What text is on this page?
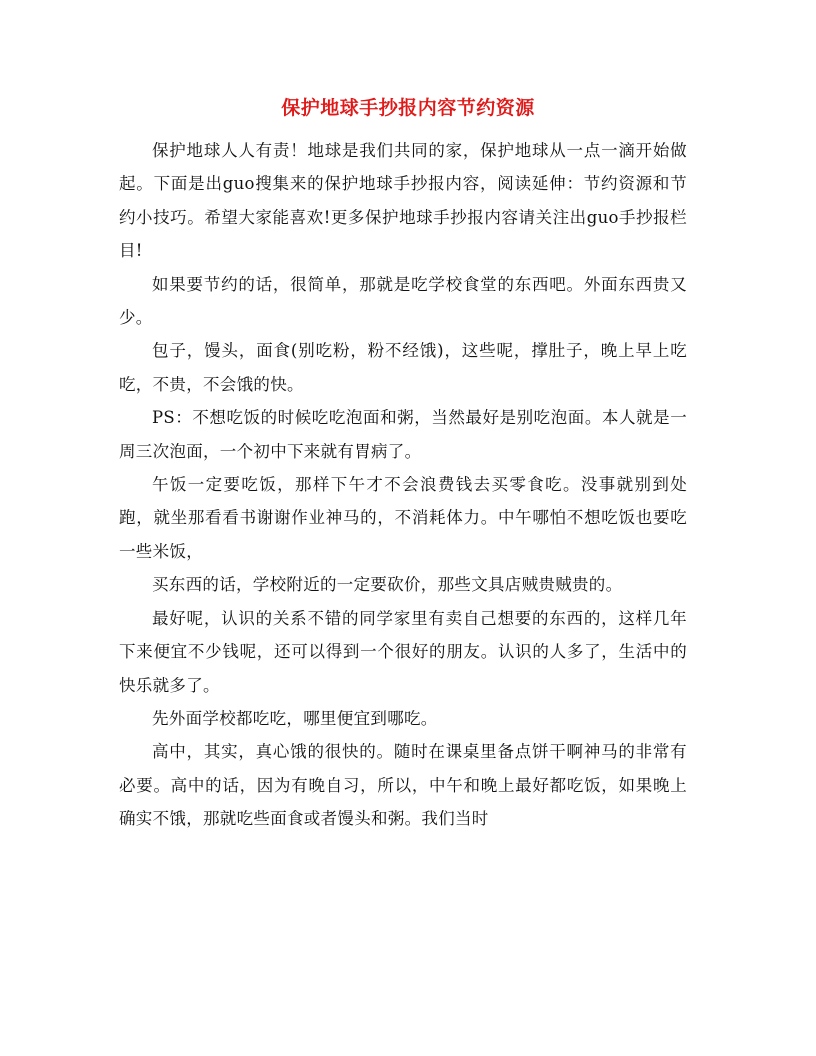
保护地球手抄报内容节约资源

保护地球人人有责！地球是我们共同的家，保护地球从一点一滴开始做起。下面是出guo搜集来的保护地球手抄报内容，阅读延伸：节约资源和节约小技巧。希望大家能喜欢!更多保护地球手抄报内容请关注出guo手抄报栏目!

如果要节约的话，很简单，那就是吃学校食堂的东西吧。外面东西贵又少。

包子，馒头，面食(别吃粉，粉不经饿)，这些呢，撑肚子，晚上早上吃吃，不贵，不会饿的快。

PS：不想吃饭的时候吃吃泡面和粥，当然最好是别吃泡面。本人就是一周三次泡面，一个初中下来就有胃病了。

午饭一定要吃饭，那样下午才不会浪费钱去买零食吃。没事就别到处跑，就坐那看看书谢谢作业神马的，不消耗体力。中午哪怕不想吃饭也要吃一些米饭，

买东西的话，学校附近的一定要砍价，那些文具店贼贵贼贵的。

最好呢，认识的关系不错的同学家里有卖自己想要的东西的，这样几年下来便宜不少钱呢，还可以得到一个很好的朋友。认识的人多了，生活中的快乐就多了。

先外面学校都吃吃，哪里便宜到哪吃。

高中，其实，真心饿的很快的。随时在课桌里备点饼干啊神马的非常有必要。高中的话，因为有晚自习，所以，中午和晚上最好都吃饭，如果晚上确实不饿，那就吃些面食或者馒头和粥。我们当时
